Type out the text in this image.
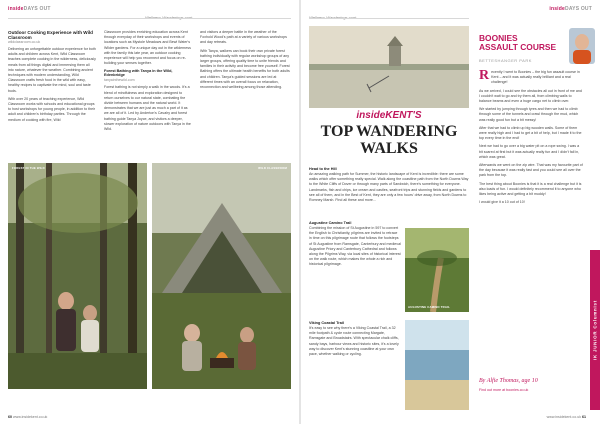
insideDAYS OUT
Outdoor Cooking Experience with Wild Classroom
wildclassroom.co.uk

Delivering an unforgettable outdoor experience for both adults and children across Kent, Wild Classroom teaches complete cooking in the wilderness, deliciously meals from all things digital and immersing them all into nature, whatever the weather. Combining ancient techniques with modern understanding, Wild Classroom crafts fresh food in the wild with easy, healthy recipes to captivate the mind, soul and taste buds.

With over 20 years of teaching experience, Wild Classroom works with schools and educational groups to host workshops for young people, in addition to their adult and children's birthday parties. Through the medium of cooking with fire, Wild

Classroom provides enriching education across Kent through everyday of their workshops and events of locations such as Mystole Meadows and Bewl Water's Wilder gardens. For a unique day out in the wilderness with the family this late year, an outdoor cooking experience will help you reconnect and focus on re-building your senses together.

Forest Bathing with Tanya in the Wild, Edenbridge
tanyainthewild.com

Forest bathing is not simply a walk in the woods. It's a blend of mindfulness and exploration designed to return ourselves to our natural state, combating the divide between humans and the natural world. It demonstrates that we are just as much a part of it as we are all of it. Led by Anderton's Cavalry and forest bathing guide Tanya Joyce, and visitors a deeper, slower exploration of nature outdoors with Tanya in the Wild.

and visitors a deeper battle in the weather of the Foxhold Wood's path at a variety of various workshops and day retreats.

With Tanya, walkers can book their own private forest bathing individually with regular workshop groups of any larger groups, offering quality time to unite friends and families in their activity and become free yourself. Forest Bathing offers the ultimate health benefits for both adults and children. Tanya's guided sessions are led at different times with an overall focus on relaxation, reconnection and wellbeing among those attending.

FOREST IN THE WILD	WILD CLASSROOM
60 www.insidekent.co.uk
insideDAYS OUT
insideKENT'S
TOP WANDERING
WALKS
Head to the Hill

An amazing walking path for Summer, the historic landscape of Kent is incredible: there are some walks which offer something really special. Walk along the coastline path from the North Downs Way to the White Cliffs of Dover or through many parts of Sandwich, there's something for everyone. Landmarks, fish and chips, ice cream and castles, seafront trips and stunning fields and gardens to see all of them, and in the Best of Kent, they are only a few hours' drive away, from North Downs to Romney Marsh. Find all these and more...

Augustine Camino Trail

Combining the mission of St Augustine in 597 to convert the English to Christianity, pilgrims are invited to retrace in time on this pilgrimage route that follows the footsteps of St Augustine from Ramsgate, Canterbury and medieval Augustine Priory and Canterbury Cathedral and follows along the Pilgrims Way, via local sites of historical interest on the walk route, which makes the whole a rich and historical pilgrimage.

AUGUSTINE CAMINO TRAIL
Viking Coastal Trail

It's easy to see why there's a Viking Coastal Trail, a 32 mile footpath & cycle route connecting Margate, Ramsgate and Broadstairs. With spectacular chalk cliffs, sandy bays, harbour views and historic sites, it's a lovely way to discover Kent's stunning coastline at your own pace, whether walking or cycling.

BOONIES
ASSAULT COURSE
BETTESHANGER PARK

Recently I went to Boonies – the big fun assault course in Kent – and it was actually really brilliant and a real challenge!

As we arrived, I could see the obstacles all out in front of me and I couldn't wait to go and try them all, from climbing walls to balance beams and even a huge cargo net to climb over.

We started by jumping through tyres and then we had to climb through some of the tunnels and crawl through the mud, which was really good fun but a bit messy!

After that we had to climb up big wooden walls. Some of them were really high and I had to get a bit of help, but I made it to the top every time in the end!

Next we had to go over a big water pit on a rope swing. I was a bit scared at first but it was actually really fun and I didn't fall in, which was great.

Afterwards we went on the zip wire. That was my favourite part of the day because it was really fast and you could see all over the park from the top.

The best thing about Boonies is that it is a real challenge but it is also loads of fun. I would definitely recommend it to anyone who likes being active and getting a bit muddy!

I would give it a 10 out of 10!

By Alfie Thomas, age 10
Find out more at boonies.co.uk
IK JUNIOR Columnist
www.insidekent.co.uk 61
